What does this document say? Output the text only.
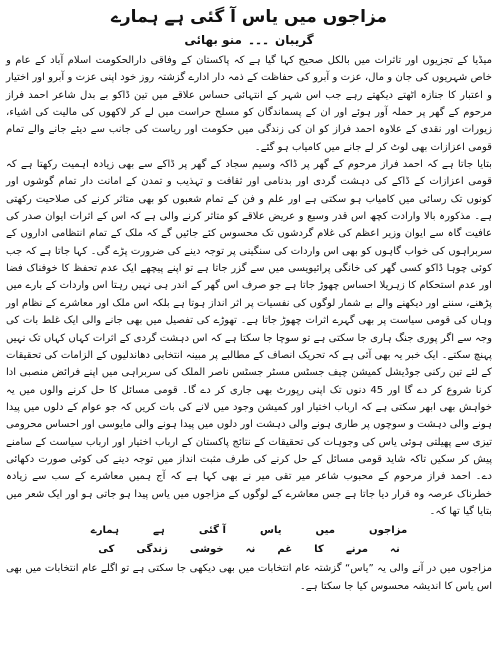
مزاجوں میں یاس آ گئی ہے ہمارے
گریبان۔۔۔منو بھائی

میڈیا کے تجزیوں اور تاثرات میں بالکل صحیح کہا گیا ہے کہ پاکستان کے وفاقی دارالحکومت اسلام آباد کے عام و خاص شہریوں کی جان و مال، عزت و آبرو کی حفاظت کے ذمہ دار ادارے گزشتہ روز خود اپنی عزت و آبرو اور اختیار و اعتبار کا جنازہ اٹھتے دیکھتے رہے جب اس شہر کے انتہائی حساس علاقے میں تین ڈاکو بے بدل شاعر احمد فراز مرحوم کے گھر پر حملہ آور ہوئے اور ان کے پسماندگان کو مسلح حراست میں لے کر لاکھوں کی مالیت کی اشیاء، زیورات اور نقدی کے علاوہ احمد فراز کو ان کی زندگی میں حکومت اور ریاست کی جانب سے دیئے جانے والے تمام قومی اعزازات بھی لوٹ کر لے جانے میں کامیاب ہو گئے۔

بتایا جاتا ہے کہ احمد فراز مرحوم کے گھر پر ڈاکہ وسیم سجاد کے گھر پر ڈاکے سے بھی زیادہ اہمیت رکھتا ہے کہ قومی اعزازات کے ڈاکے کی دہشت گردی اور بدنامی اور ثقافت و تہذیب و تمدن کے امانت دار تمام گوشوں اور کونوں تک رسائی میں کامیاب ہو سکتی ہے اور علم و فن کے تمام شعبوں کو بھی متاثر کرنے کی صلاحیت رکھتی ہے۔ مذکورہ بالا وارادت کچھ اس قدر وسیع و عریض علاقے کو متاثر کرنے والی ہے کہ اس کے اثرات ایوان صدر کی عافیت گاہ سے ایوان وزیر اعظم کی غلام گردشوں تک محسوس کئے جائیں گے کہ ملک کے تمام انتظامی اداروں کے سربراہوں کی خواب گاہوں کو بھی اس واردات کی سنگینی پر توجہ دینے کی ضرورت پڑے گی۔ کہا جاتا ہے کہ جب کوئی چوہا ڈاکو کسی گھر کی خانگی پرائیویسی میں سے گزر جاتا ہے تو اپنے پیچھے ایک عدم تحفظ کا خوفناک فضا اور عدم استحکام کا زہریلا احساس چھوڑ جاتا ہے جو صرف اس گھر کے اندر ہی نہیں رہتا اس واردات کے بارے میں پڑھنے، سننے اور دیکھنے والے بے شمار لوگوں کی نفسیات پر اثر انداز ہوتا ہے بلکہ اس ملک اور معاشرے کے نظام اور وہاں کی قومی سیاست پر بھی گہرے اثرات چھوڑ جاتا ہے۔ تھوڑے کی تفصیل میں بھی جانے والی ایک غلط بات کی وجہ سے اگر پوری جنگ ہاری جا سکتی ہے تو سوچا جا سکتا ہے کہ اس دہشت گردی کے اثرات کہاں کہاں تک نہیں پہنچ سکتے۔ ایک خبر یہ بھی آئی ہے کہ تحریک انصاف کے مطالبے پر مبینہ انتخابی دھاندلیوں کے الزامات کی تحقیقات کے لئے تین رکنی جوڈیشل کمیشن چیف جسٹس مسٹر جسٹس ناصر الملک کی سربراہی میں اپنے فرائض منصبی ادا کرنا شروع کر دے گا اور 45 دنوں تک اپنی رپورٹ بھی جاری کر دے گا۔ قومی مسائل کا حل کرنے والوں میں یہ خواہش بھی ابھر سکتی ہے کہ ارباب اختیار اور کمیشن وجود میں لانے کی بات کریں کہ جو عوام کے دلوں میں پیدا ہونے والی دہشت و سوچوں پر طاری ہونے والی دہشت اور دلوں میں پیدا ہونے والی مایوسی اور احساس محرومی تیزی سے پھیلتی ہوئی یاس کی وجوہات کی تحقیقات کے نتائج پاکستان کے ارباب اختیار اور ارباب سیاست کے سامنے پیش کر سکیں تاکہ شاید قومی مسائل کے حل کرنے کی طرف مثبت انداز میں توجہ دینے کی کوئی صورت دکھائی دے۔ احمد فراز مرحوم کے محبوب شاعر میر تقی میر نے بھی کہا ہے کہ آج ہمیں معاشرے کے سب سے زیادہ خطرناک عرصہ وہ قرار دیا جاتا ہے جس معاشرے کے لوگوں کے مزاجوں میں یاس پیدا ہو جاتی ہو اور ایک شعر میں بتایا گیا تھا کہ۔

مزاجوں
میں
یاس
آ گئی
ہے
ہمارے
نہ
مرنے
کا
غم
نہ
خوشی
زندگی
کی

مزاجوں میں در آنے والی یہ ”یاس“ گزشتہ عام انتخابات میں بھی دیکھی جا سکتی ہے تو اگلے عام انتخابات میں بھی اس یاس کا اندیشہ محسوس کیا جا سکتا ہے۔
